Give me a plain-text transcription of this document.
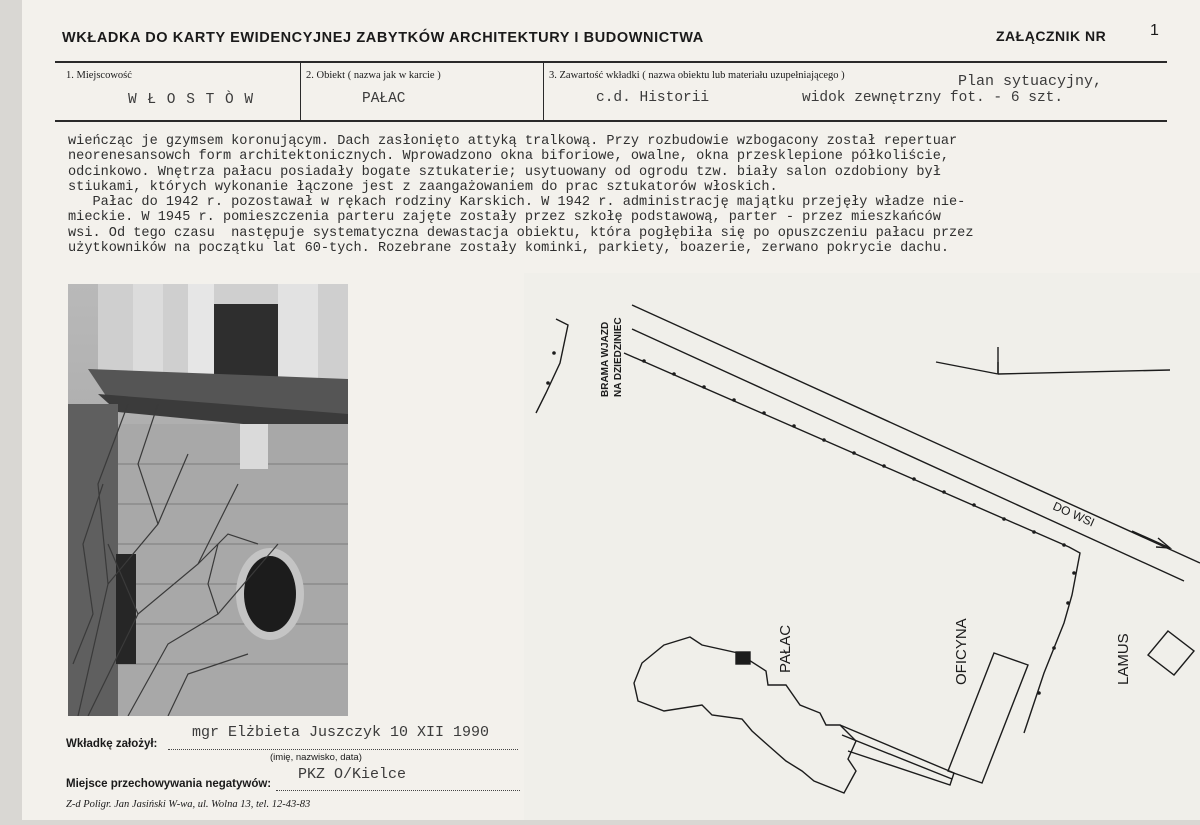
WKŁADKA DO KARTY EWIDENCYJNEJ ZABYTKÓW ARCHITEKTURY I BUDOWNICTWA	ZAŁĄCZNIK NR	1
1. Miejscowość
W Ł O S T Ò W
2. Obiekt ( nazwa jak w karcie )
PAŁAC
3. Zawartość wkładki ( nazwa obiektu lub materiału uzupełniającego )
c.d. Historii
Plan sytuacyjny,
widok zewnętrzny fot. - 6 szt.
wieńcząc je gzymsem koronującym. Dach zasłonięto attyką tralkową. Przy rozbudowie wzbogacony został repertuar
neorenesansowch form architektonicznych. Wprowadzono okna biforiowe, owalne, okna przesklepione półkoliście,
odcinkowo. Wnętrza pałacu posiadały bogate sztukaterie; usytuowany od ogrodu tzw. biały salon ozdobiony był
stiukami, których wykonanie łączone jest z zaangażowaniem do prac sztukatorów włoskich.
Pałac do 1942 r. pozostawał w rękach rodziny Karskich. W 1942 r. administrację majątku przejęły władze nie-
mieckie. W 1945 r. pomieszczenia parteru zajęte zostały przez szkołę podstawową, parter - przez mieszkańców
wsi. Od tego czasu  następuje systematyczna dewastacja obiektu, która pogłębiła się po opuszczeniu pałacu przez
użytkowników na początku lat 60-tych. Rozebrane zostały kominki, parkiety, boazerie, zerwano pokrycie dachu.
BRAMA WJAZD NA DZIEDZINIEC
DO WSI
PAŁAC	OFICYNA	LAMUS
Wkładkę założył:
mgr Elżbieta Juszczyk 10 XII 1990
(imię, nazwisko, data)
Miejsce przechowywania negatywów:
PKZ O/Kielce
Z-d Poligr. Jan Jasiński W-wa, ul. Wolna 13, tel. 12-43-83
